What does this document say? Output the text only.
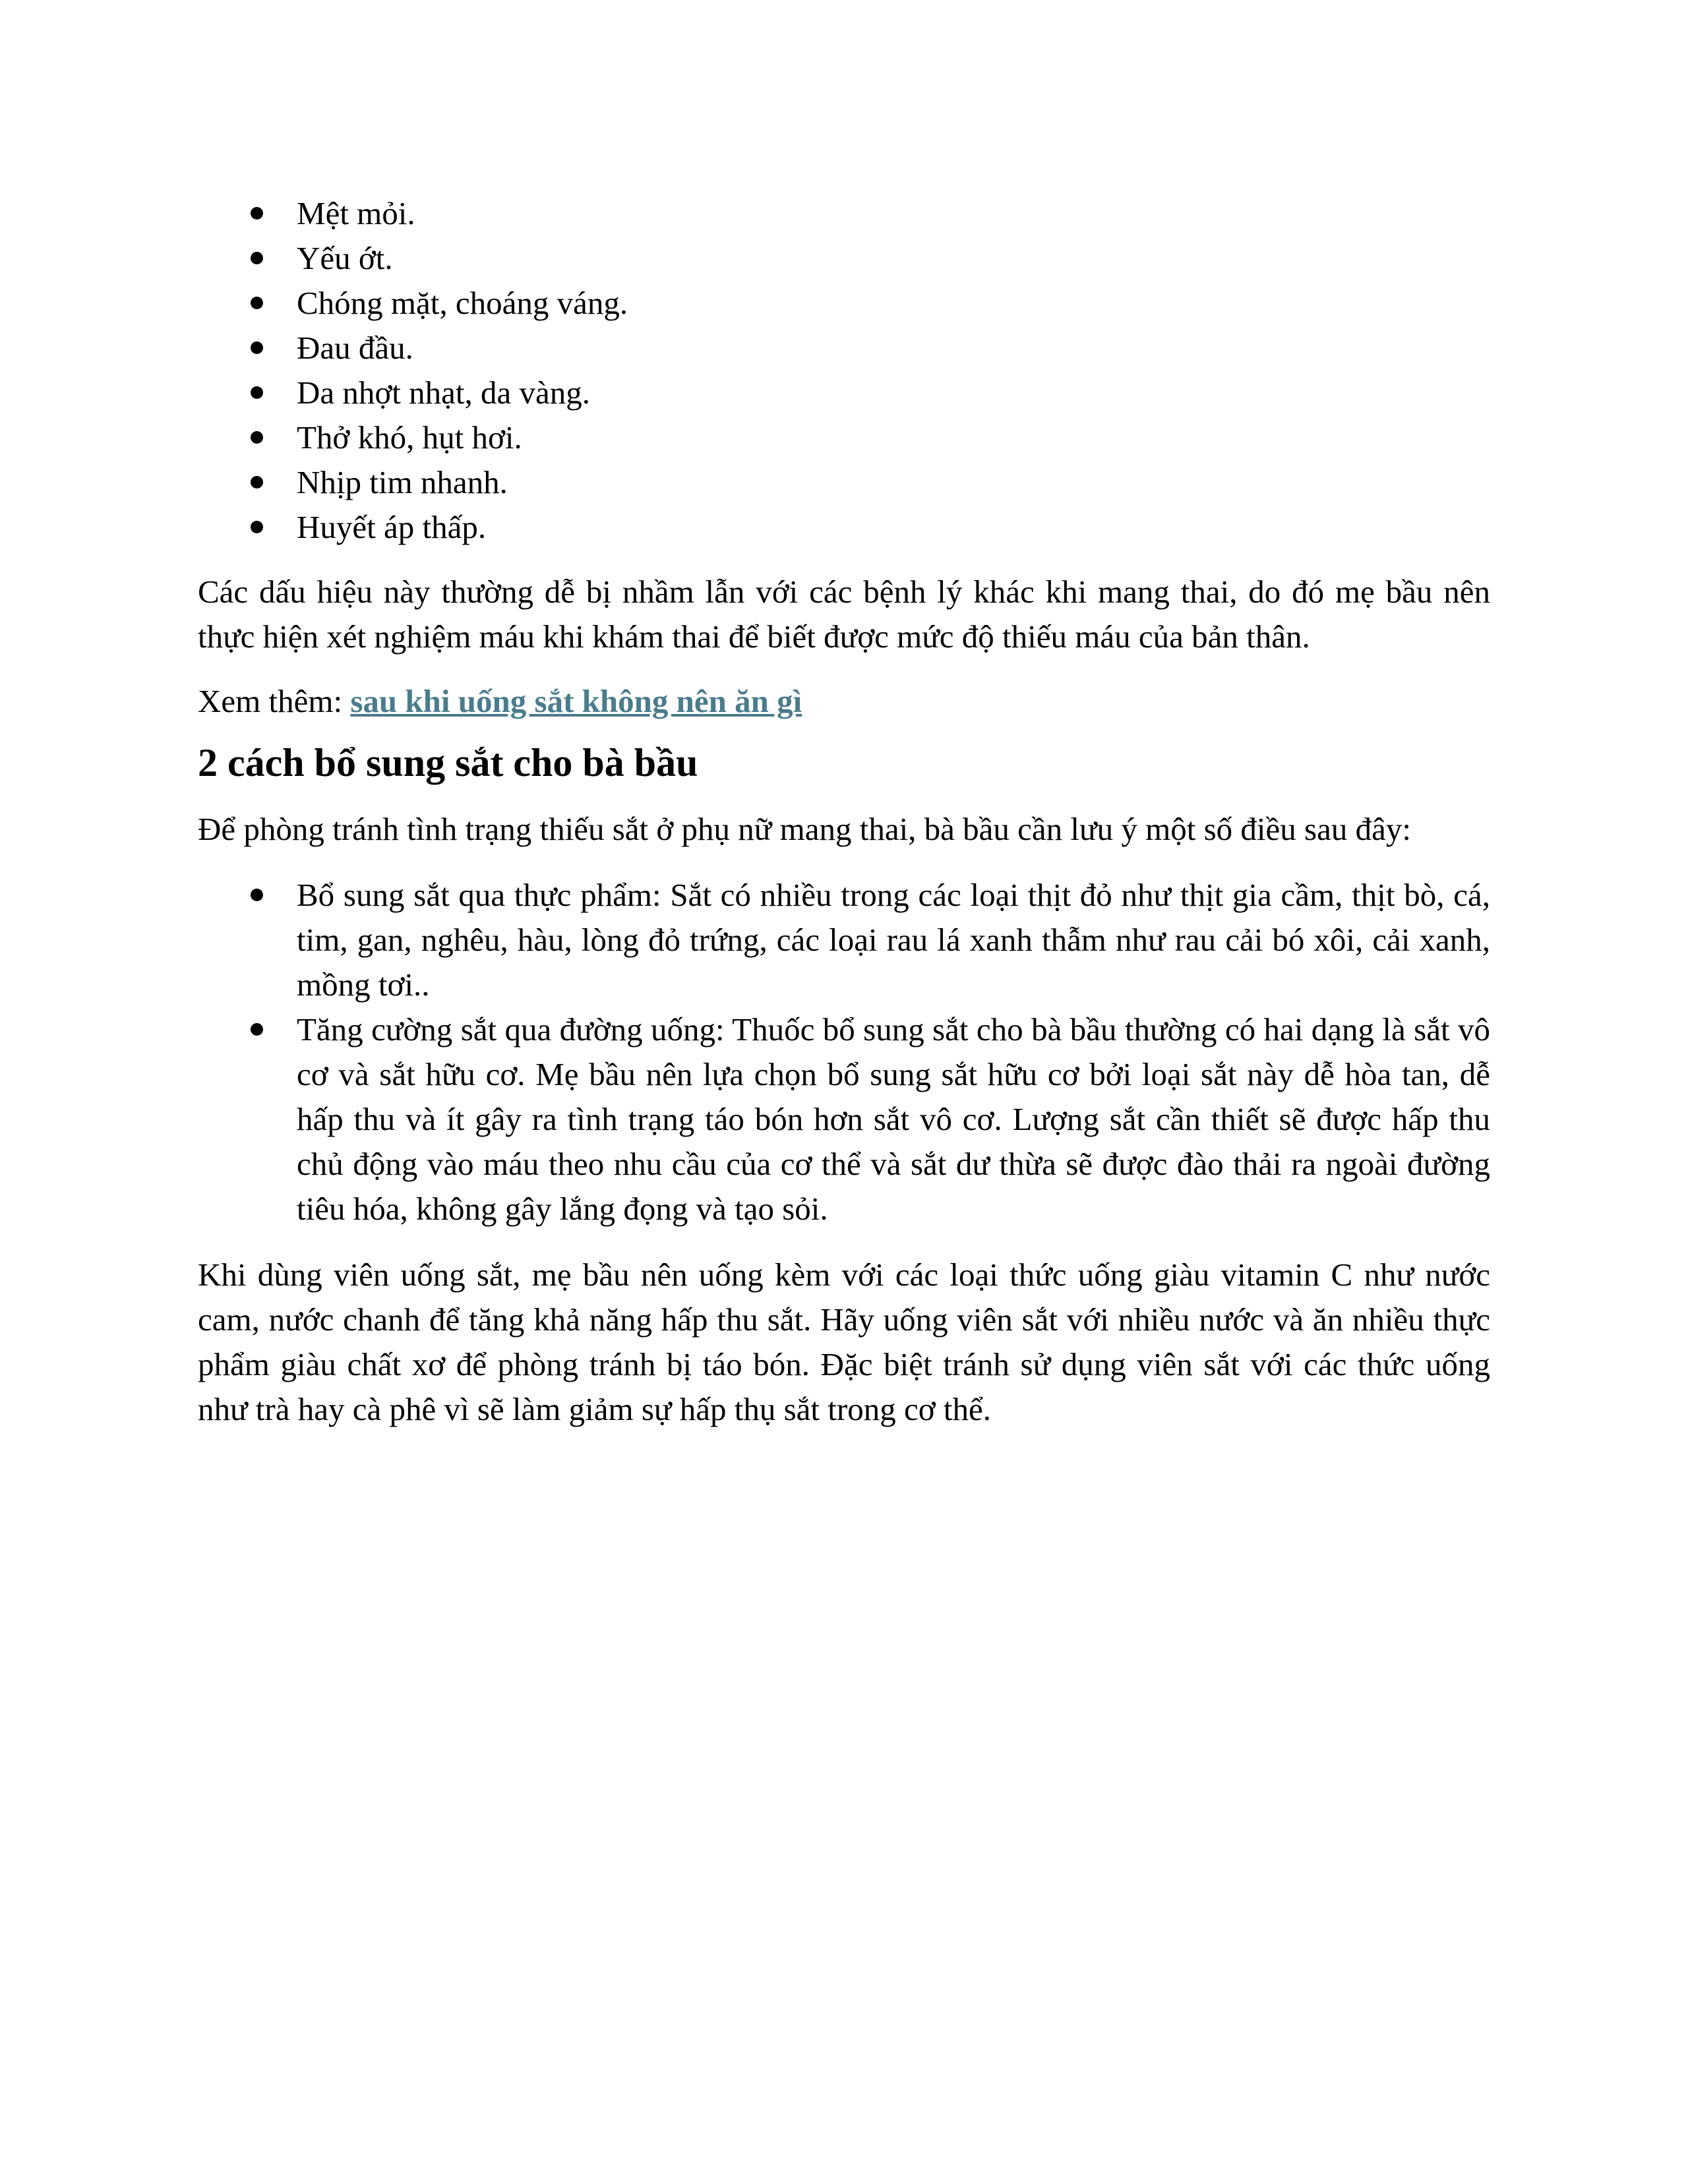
Mệt mỏi.
Yếu ớt.
Chóng mặt, choáng váng.
Đau đầu.
Da nhợt nhạt, da vàng.
Thở khó, hụt hơi.
Nhịp tim nhanh.
Huyết áp thấp.

Các dấu hiệu này thường dễ bị nhầm lẫn với các bệnh lý khác khi mang thai, do đó mẹ bầu nên thực hiện xét nghiệm máu khi khám thai để biết được mức độ thiếu máu của bản thân.

Xem thêm: sau khi uống sắt không nên ăn gì

2 cách bổ sung sắt cho bà bầu

Để phòng tránh tình trạng thiếu sắt ở phụ nữ mang thai, bà bầu cần lưu ý một số điều sau đây:

Bổ sung sắt qua thực phẩm: Sắt có nhiều trong các loại thịt đỏ như thịt gia cầm, thịt bò, cá, tim, gan, nghêu, hàu, lòng đỏ trứng, các loại rau lá xanh thẫm như rau cải bó xôi, cải xanh, mồng tơi..
Tăng cường sắt qua đường uống: Thuốc bổ sung sắt cho bà bầu thường có hai dạng là sắt vô cơ và sắt hữu cơ. Mẹ bầu nên lựa chọn bổ sung sắt hữu cơ bởi loại sắt này dễ hòa tan, dễ hấp thu và ít gây ra tình trạng táo bón hơn sắt vô cơ. Lượng sắt cần thiết sẽ được hấp thu chủ động vào máu theo nhu cầu của cơ thể và sắt dư thừa sẽ được đào thải ra ngoài đường tiêu hóa, không gây lắng đọng và tạo sỏi.

Khi dùng viên uống sắt, mẹ bầu nên uống kèm với các loại thức uống giàu vitamin C như nước cam, nước chanh để tăng khả năng hấp thu sắt. Hãy uống viên sắt với nhiều nước và ăn nhiều thực phẩm giàu chất xơ để phòng tránh bị táo bón. Đặc biệt tránh sử dụng viên sắt với các thức uống như trà hay cà phê vì sẽ làm giảm sự hấp thụ sắt trong cơ thể.
